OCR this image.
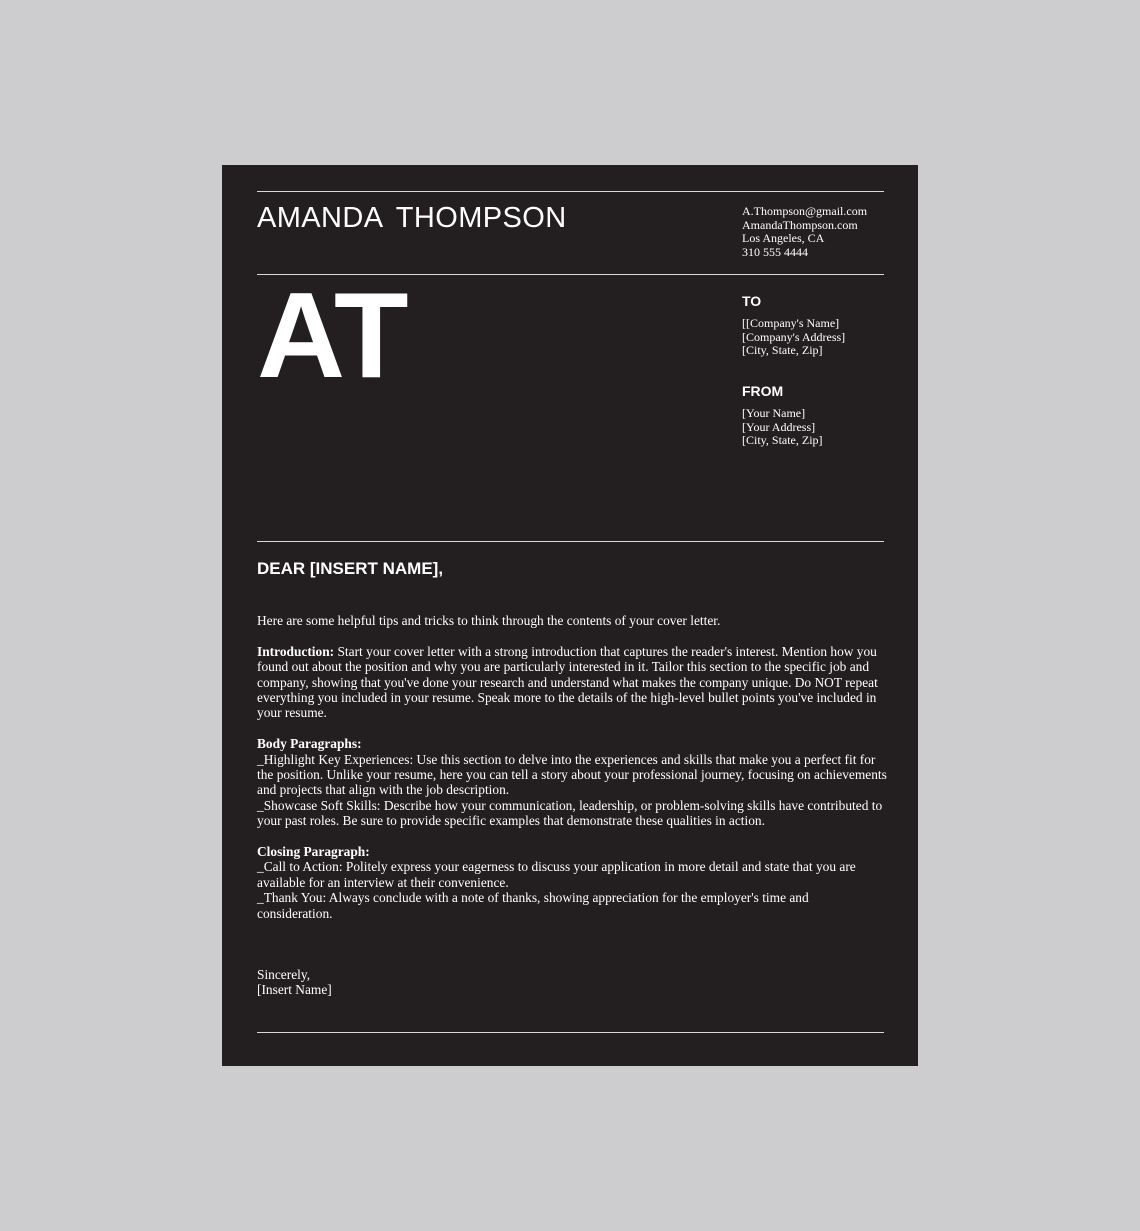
AMANDA THOMPSON	A.Thompson@gmail.com
AmandaThompson.com
Los Angeles, CA
310 555 4444
AT	TO
[[Company's Name]
[Company's Address]
[City, State, Zip]
FROM
[Your Name]
[Your Address]
[City, State, Zip]
DEAR [INSERT NAME],

Here are some helpful tips and tricks to think through the contents of your cover letter.

Introduction: Start your cover letter with a strong introduction that captures the reader's interest. Mention how you found out about the position and why you are particularly interested in it. Tailor this section to the specific job and company, showing that you've done your research and understand what makes the company unique. Do NOT repeat everything you included in your resume. Speak more to the details of the high-level bullet points you've included in your resume.

Body Paragraphs:
_Highlight Key Experiences: Use this section to delve into the experiences and skills that make you a perfect fit for the position. Unlike your resume, here you can tell a story about your professional journey, focusing on achievements and projects that align with the job description.
_Showcase Soft Skills: Describe how your communication, leadership, or problem-solving skills have contributed to your past roles. Be sure to provide specific examples that demonstrate these qualities in action.

Closing Paragraph:
_Call to Action: Politely express your eagerness to discuss your application in more detail and state that you are available for an interview at their convenience.
_Thank You: Always conclude with a note of thanks, showing appreciation for the employer's time and consideration.

Sincerely,
[Insert Name]
